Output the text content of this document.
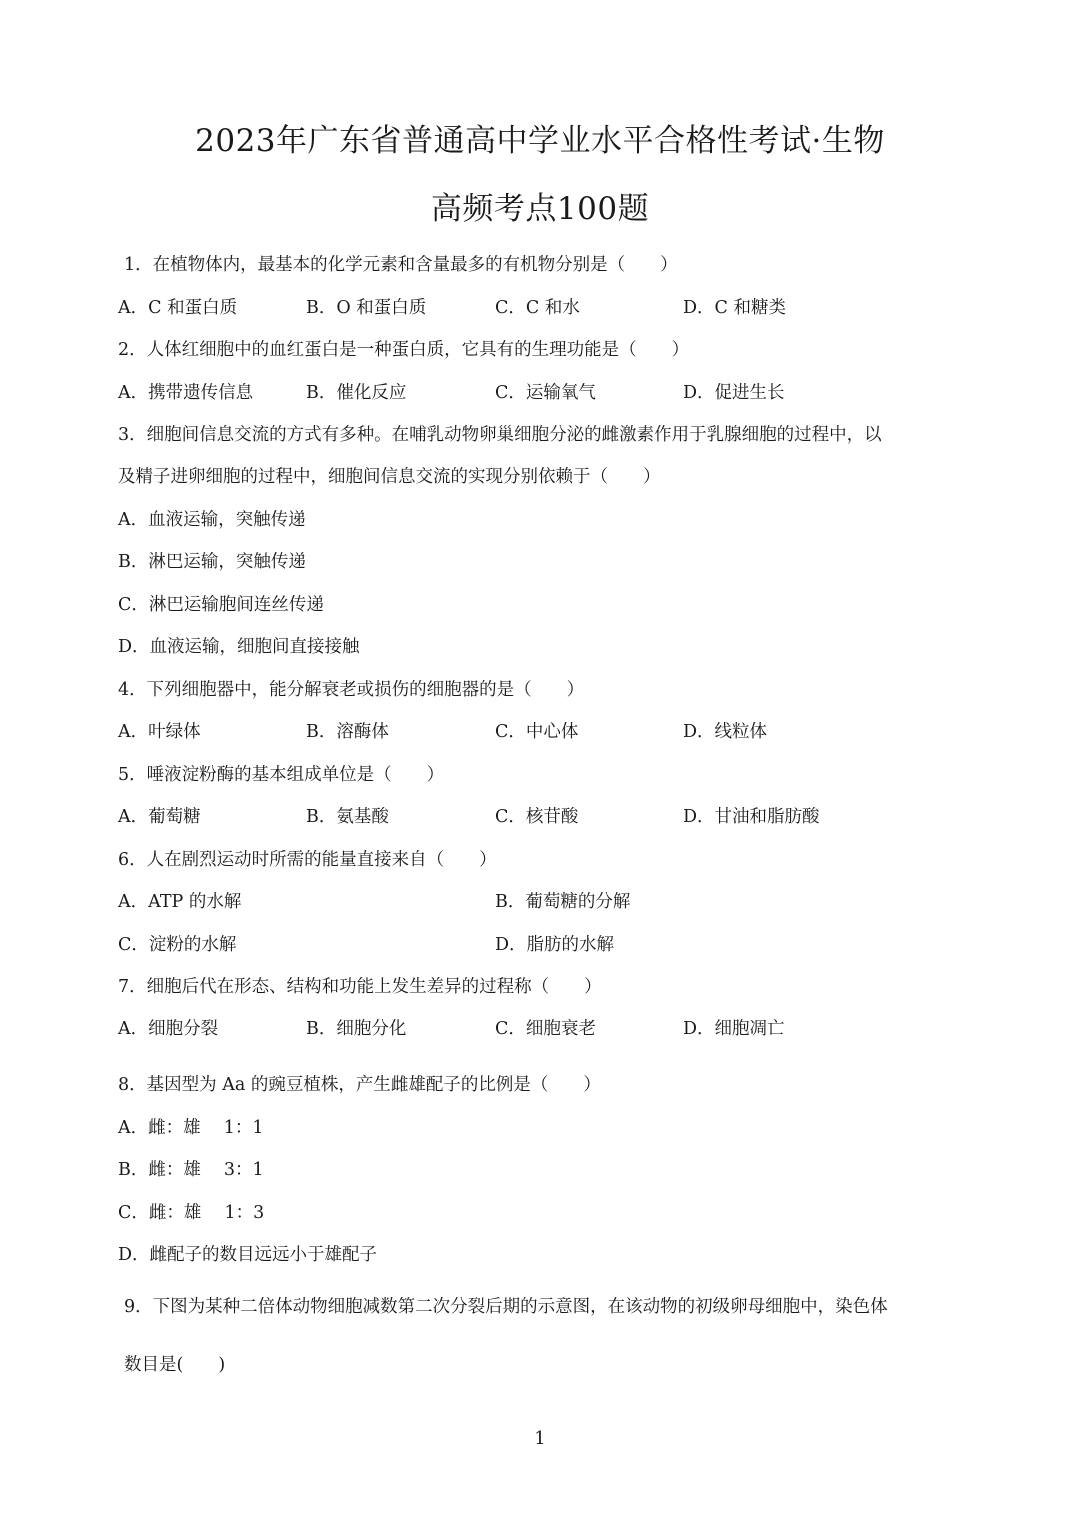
2023年广东省普通高中学业水平合格性考试·生物
高频考点100题
1．在植物体内，最基本的化学元素和含量最多的有机物分别是（　　）
A．C 和蛋白质	B．O 和蛋白质	C．C 和水	D．C 和糖类
2．人体红细胞中的血红蛋白是一种蛋白质，它具有的生理功能是（　　）
A．携带遗传信息	B．催化反应	C．运输氧气	D．促进生长
3．细胞间信息交流的方式有多种。在哺乳动物卵巢细胞分泌的雌激素作用于乳腺细胞的过程中，以
及精子进卵细胞的过程中，细胞间信息交流的实现分别依赖于（　　）
A．血液运输，突触传递
B．淋巴运输，突触传递
C．淋巴运输胞间连丝传递
D．血液运输，细胞间直接接触
4．下列细胞器中，能分解衰老或损伤的细胞器的是（　　）
A．叶绿体	B．溶酶体	C．中心体	D．线粒体
5．唾液淀粉酶的基本组成单位是（　　）
A．葡萄糖	B．氨基酸	C．核苷酸	D．甘油和脂肪酸
6．人在剧烈运动时所需的能量直接来自（　　）
A．ATP 的水解	B．葡萄糖的分解
C．淀粉的水解	D．脂肪的水解
7．细胞后代在形态、结构和功能上发生差异的过程称（　　）
A．细胞分裂	B．细胞分化	C．细胞衰老	D．细胞凋亡
8．基因型为 Aa 的豌豆植株，产生雌雄配子的比例是（　　）
A．雌：雄　 1：1
B．雌：雄　 3：1
C．雌：雄　 1：3
D．雌配子的数目远远小于雄配子
9．下图为某种二倍体动物细胞减数第二次分裂后期的示意图，在该动物的初级卵母细胞中，染色体
数目是(　　)
1
